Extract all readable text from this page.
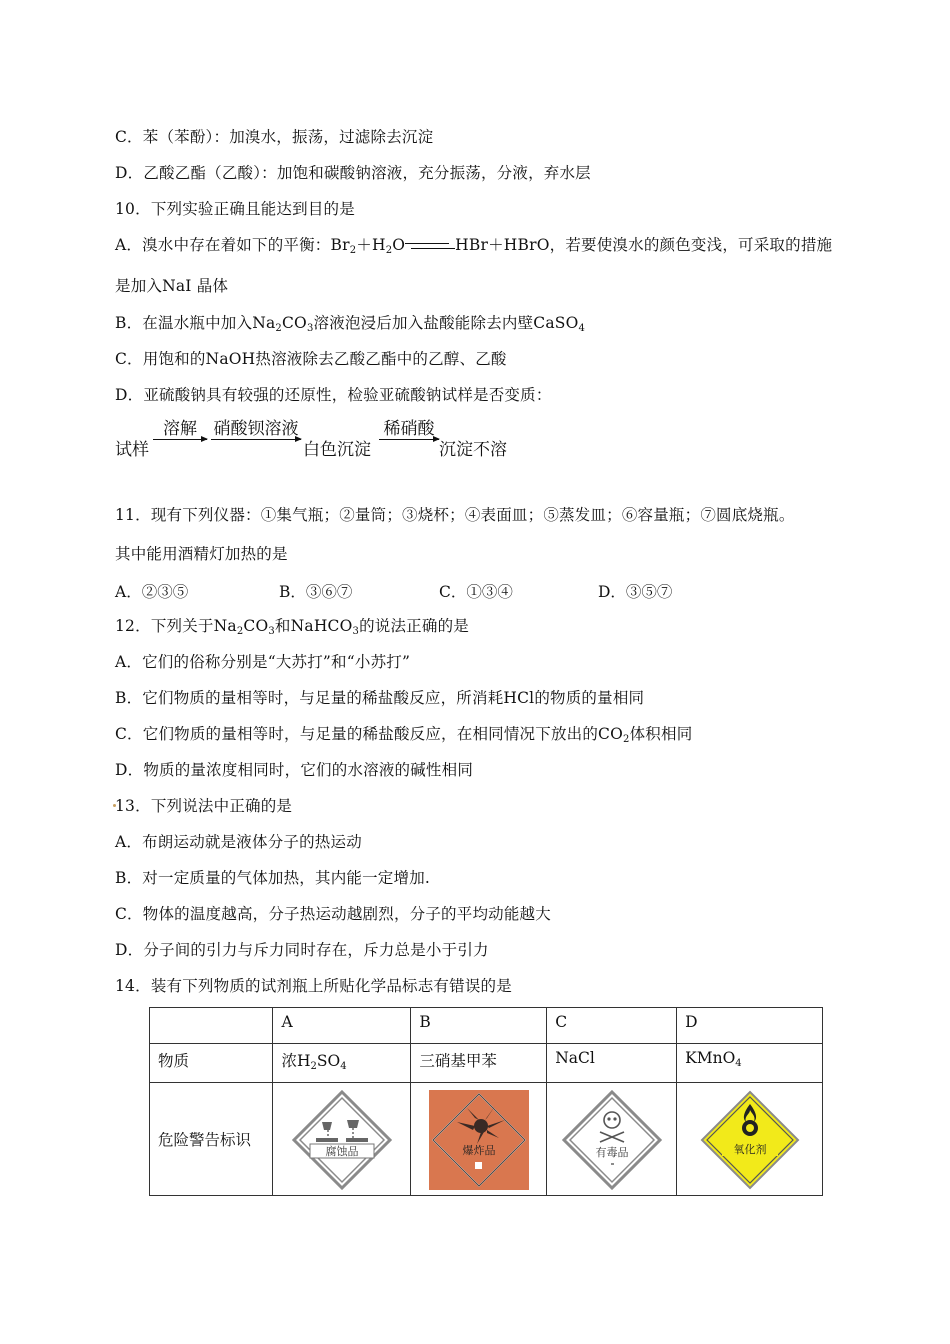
C．苯（苯酚）：加溴水，振荡，过滤除去沉淀
D．乙酸乙酯（乙酸）：加饱和碳酸钠溶液，充分振荡，分液，弃水层
10．下列实验正确且能达到目的是
A．溴水中存在着如下的平衡：$Br_2+H_2O$	HBr＋HBrO，若要使溴水的颜色变浅，可采取的措施
是加入NaI 晶体
B．在温水瓶中加入$Na_2CO_3$溶液泡浸后加入盐酸能除去内壁CaSO$_4$
C．用饱和的NaOH热溶液除去乙酸乙酯中的乙醇、乙酸
D．亚硫酸钠具有较强的还原性，检验亚硫酸钠试样是否变质：
试样
溶解 硝酸钡溶液
白色沉淀
稀硝酸
沉淀不溶
11．现有下列仪器：①集气瓶；②量筒；③烧杯；④表面皿；⑤蒸发皿；⑥容量瓶；⑦圆底烧瓶。
其中能用酒精灯加热的是
A．②③⑤	B．③⑥⑦	C．①③④	D．③⑤⑦
12．下列关于$Na_2CO_3$和NaHCO$_3$的说法正确的是
A．它们的俗称分别是“大苏打”和“小苏打”
B．它们物质的量相等时，与足量的稀盐酸反应，所消耗HCl的物质的量相同
C．它们物质的量相等时，与足量的稀盐酸反应，在相同情况下放出的$CO_2$体积相同
D．物质的量浓度相同时，它们的水溶液的碱性相同
13．下列说法中正确的是
A．布朗运动就是液体分子的热运动
B．对一定质量的气体加热，其内能一定增加.
C．物体的温度越高，分子热运动越剧烈，分子的平均动能越大
D．分子间的引力与斥力同时存在，斥力总是小于引力
14．装有下列物质的试剂瓶上所贴化学品标志有错误的是
	A	B	C	D
物质	浓$H_2SO_4$	三硝基甲苯	NaCl	KMnO$_4$
危险警告标识	腐蚀品	爆炸品	有毒品	氧化剂
